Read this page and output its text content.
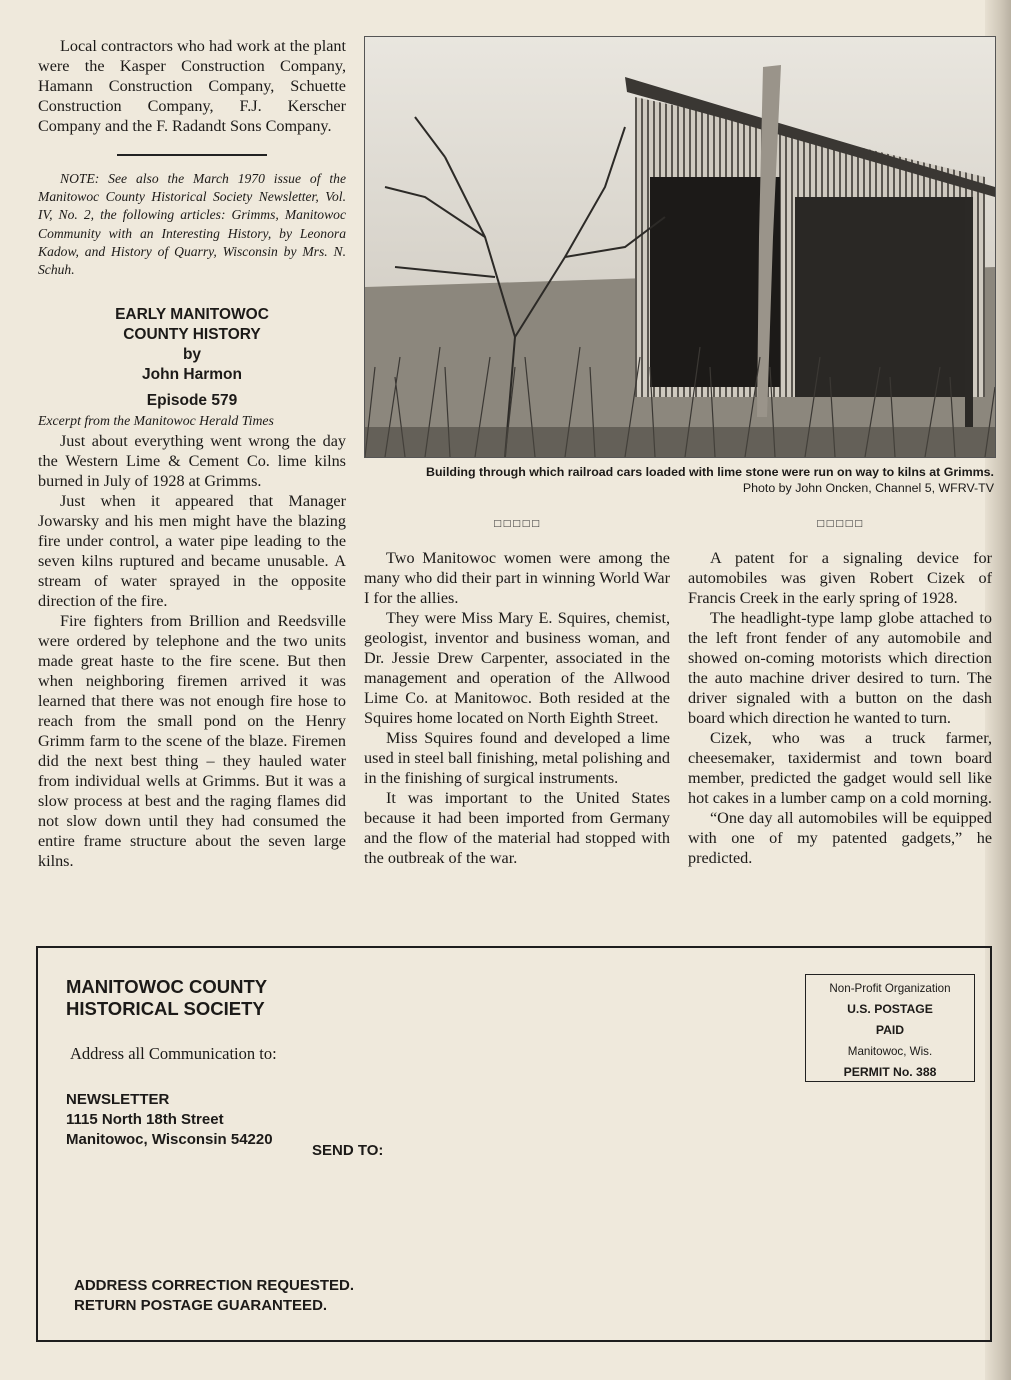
Local contractors who had work at the plant were the Kasper Construction Company, Hamann Construction Company, Schuette Construction Company, F.J. Kerscher Company and the F. Radandt Sons Company.

NOTE: See also the March 1970 issue of the Manitowoc County Historical Society Newsletter, Vol. IV, No. 2, the following articles: Grimms, Manitowoc Community with an Interesting History, by Leonora Kadow, and History of Quarry, Wisconsin by Mrs. N. Schuh.

EARLY MANITOWOC
COUNTY HISTORY
by
John Harmon
Episode 579

Excerpt from the Manitowoc Herald Times

Just about everything went wrong the day the Western Lime & Cement Co. lime kilns burned in July of 1928 at Grimms.

Just when it appeared that Manager Jowarsky and his men might have the blazing fire under control, a water pipe leading to the seven kilns ruptured and became unusable. A stream of water sprayed in the opposite direction of the fire.

Fire fighters from Brillion and Reedsville were ordered by telephone and the two units made great haste to the fire scene. But then when neighboring firemen arrived it was learned that there was not enough fire hose to reach from the small pond on the Henry Grimm farm to the scene of the blaze. Firemen did the next best thing – they hauled water from individual wells at Grimms. But it was a slow process at best and the raging flames did not slow down until they had consumed the entire frame structure about the seven large kilns.

Building through which railroad cars loaded with lime stone were run on way to kilns at Grimms.
Photo by John Oncken, Channel 5, WFRV-TV
□□□□□

Two Manitowoc women were among the many who did their part in winning World War I for the allies.

They were Miss Mary E. Squires, chemist, geologist, inventor and business woman, and Dr. Jessie Drew Carpenter, associated in the management and operation of the Allwood Lime Co. at Manitowoc. Both resided at the Squires home located on North Eighth Street.

Miss Squires found and developed a lime used in steel ball finishing, metal polishing and in the finishing of surgical instruments.

It was important to the United States because it had been imported from Germany and the flow of the material had stopped with the outbreak of the war.

□□□□□

A patent for a signaling device for automobiles was given Robert Cizek of Francis Creek in the early spring of 1928.

The headlight-type lamp globe attached to the left front fender of any automobile and showed on-coming motorists which direction the auto machine driver desired to turn. The driver signaled with a button on the dash board which direction he wanted to turn.

Cizek, who was a truck farmer, cheesemaker, taxidermist and town board member, predicted the gadget would sell like hot cakes in a lumber camp on a cold morning.

“One day all automobiles will be equipped with one of my patented gadgets,” he predicted.

MANITOWOC COUNTY
HISTORICAL SOCIETY
Address all Communication to:
NEWSLETTER
1115 North 18th Street
Manitowoc, Wisconsin 54220
SEND TO:
ADDRESS CORRECTION REQUESTED.
RETURN POSTAGE GUARANTEED.
Non-Profit Organization
U.S. POSTAGE
PAID
Manitowoc, Wis.
PERMIT No. 388
